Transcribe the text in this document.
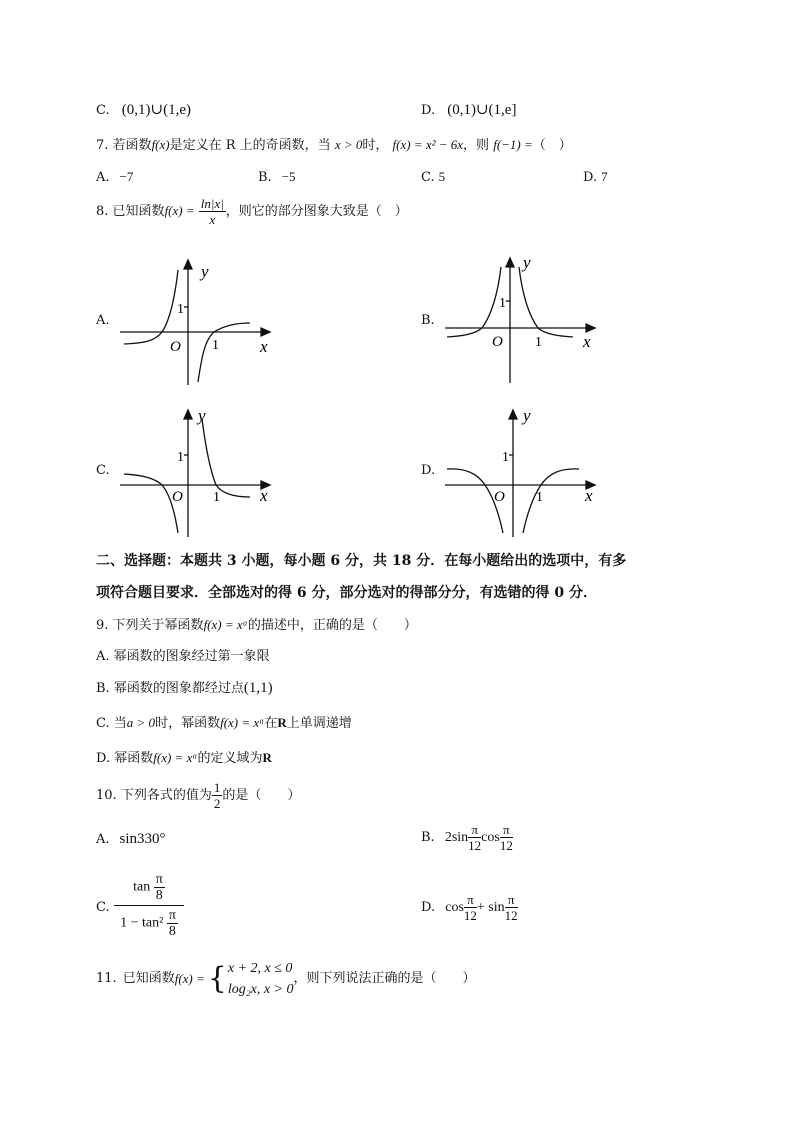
C. (0,1)∪(1,e)	D. (0,1)∪(1,e]
7. 若函数f(x)是定义在 R 上的奇函数，当 x > 0时， f(x) = x² − 6x，则 f(−1) =（　）
A. −7	B. −5	C. 5	D. 7
8. 已知函数$f(x) = \frac{\ln|x|}{x}$ ，则它的部分图象大致是（　）
A.	B.
C.	D.
y
x
O
1
1
y
x
O
1
1
y
x
O
1
1
y
x
O
1
1
二、选择题：本题共 3 小题，每小题 6 分，共 18 分．在每小题给出的选项中，有多
项符合题目要求．全部选对的得 6 分，部分选对的得部分分，有选错的得 0 分．
9. 下列关于幂函数f(x) = xᵅ的描述中，正确的是（　　）
A. 幂函数的图象经过第一象限
B. 幂函数的图象都经过点(1,1)
C. 当a > 0时，幂函数f(x) = xᵅ在R上单调递增
D. 幂函数f(x) = xᵅ的定义域为R
10. 下列各式的值为 $\frac{1}{2}$ 的是（　　）
A. sin330°	B. $2\sin \frac{\pi}{12}$ $\cos \frac{\pi}{12}$
C.
$\tan \frac{\pi}{8}$
$1 - \tan^2 \frac{\pi}{8}$
D. $\cos \frac{\pi}{12} + \sin \frac{\pi}{12}$
11. 已知函数 f(x) = { x + 2, x ≤ 0
log₂x, x > 0
，则下列说法正确的是（　　）
